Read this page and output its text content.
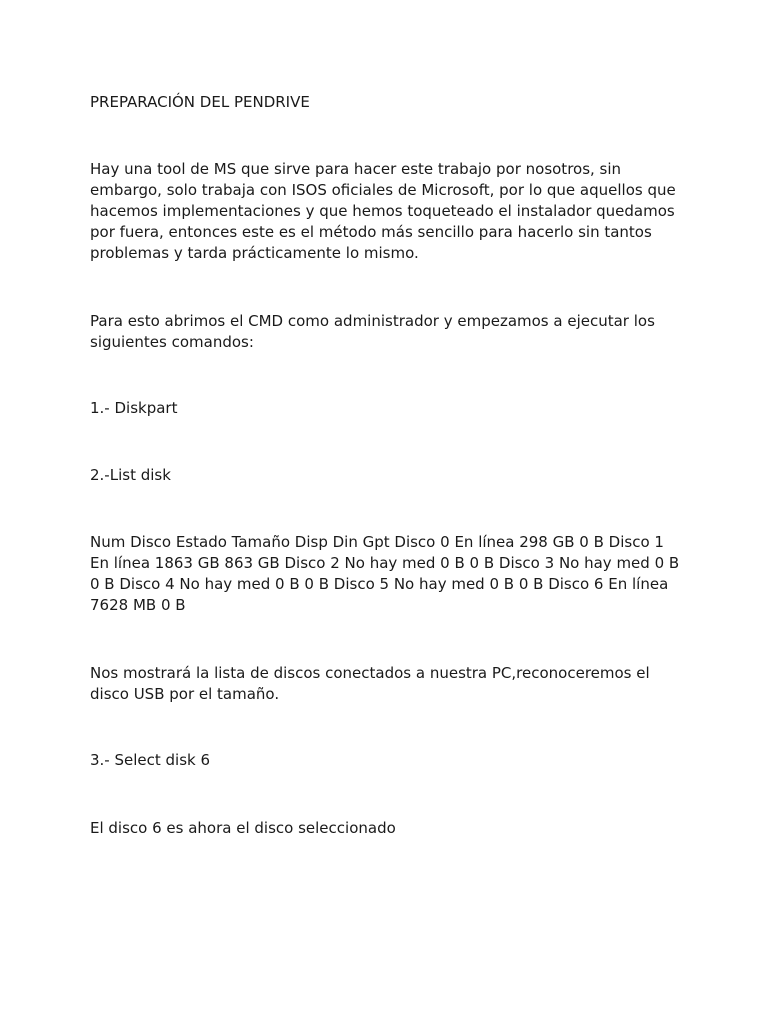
PREPARACIÓN DEL PENDRIVE

Hay una tool de MS que sirve para hacer este trabajo por nosotros, sin embargo, solo trabaja con ISOS oficiales de Microsoft, por lo que aquellos que hacemos implementaciones y que hemos toqueteado el instalador quedamos por fuera, entonces este es el método más sencillo para hacerlo sin tantos problemas y tarda prácticamente lo mismo.

Para esto abrimos el CMD como administrador y empezamos a ejecutar los siguientes comandos:

1.- Diskpart

2.-List disk

Num Disco Estado Tamaño Disp Din Gpt Disco 0 En línea 298 GB 0 B Disco 1 En línea 1863 GB 863 GB Disco 2 No hay med 0 B 0 B Disco 3 No hay med 0 B 0 B Disco 4 No hay med 0 B 0 B Disco 5 No hay med 0 B 0 B Disco 6 En línea 7628 MB 0 B

Nos mostrará la lista de discos conectados a nuestra PC,reconoceremos el disco USB por el tamaño.

3.- Select disk 6

El disco 6 es ahora el disco seleccionado
